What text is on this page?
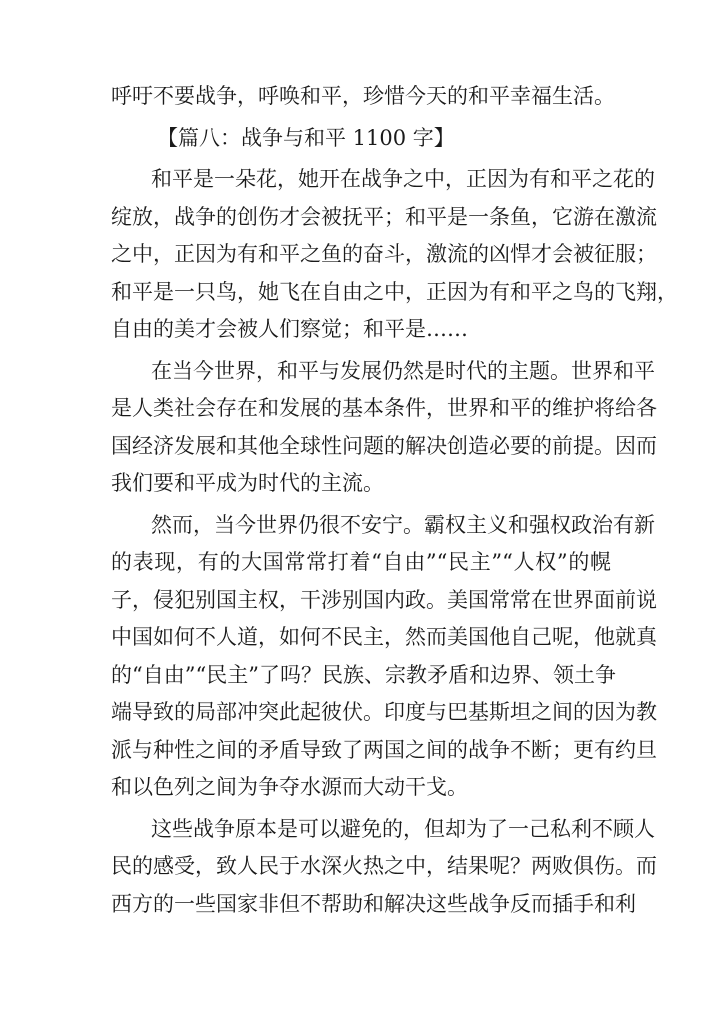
呼吁不要战争，呼唤和平，珍惜今天的和平幸福生活。
【篇八：战争与和平 1100 字】
和平是一朵花，她开在战争之中，正因为有和平之花的
绽放，战争的创伤才会被抚平；和平是一条鱼，它游在激流
之中，正因为有和平之鱼的奋斗，激流的凶悍才会被征服；
和平是一只鸟，她飞在自由之中，正因为有和平之鸟的飞翔，
自由的美才会被人们察觉；和平是……
在当今世界，和平与发展仍然是时代的主题。世界和平
是人类社会存在和发展的基本条件，世界和平的维护将给各
国经济发展和其他全球性问题的解决创造必要的前提。因而
我们要和平成为时代的主流。
然而，当今世界仍很不安宁。霸权主义和强权政治有新
的表现，有的大国常常打着“自由”“民主”“人权”的幌
子，侵犯别国主权，干涉别国内政。美国常常在世界面前说
中国如何不人道，如何不民主，然而美国他自己呢，他就真
的“自由”“民主”了吗？民族、宗教矛盾和边界、领土争
端导致的局部冲突此起彼伏。印度与巴基斯坦之间的因为教
派与种性之间的矛盾导致了两国之间的战争不断；更有约旦
和以色列之间为争夺水源而大动干戈。
这些战争原本是可以避免的，但却为了一己私利不顾人
民的感受，致人民于水深火热之中，结果呢？两败俱伤。而
西方的一些国家非但不帮助和解决这些战争反而插手和利
